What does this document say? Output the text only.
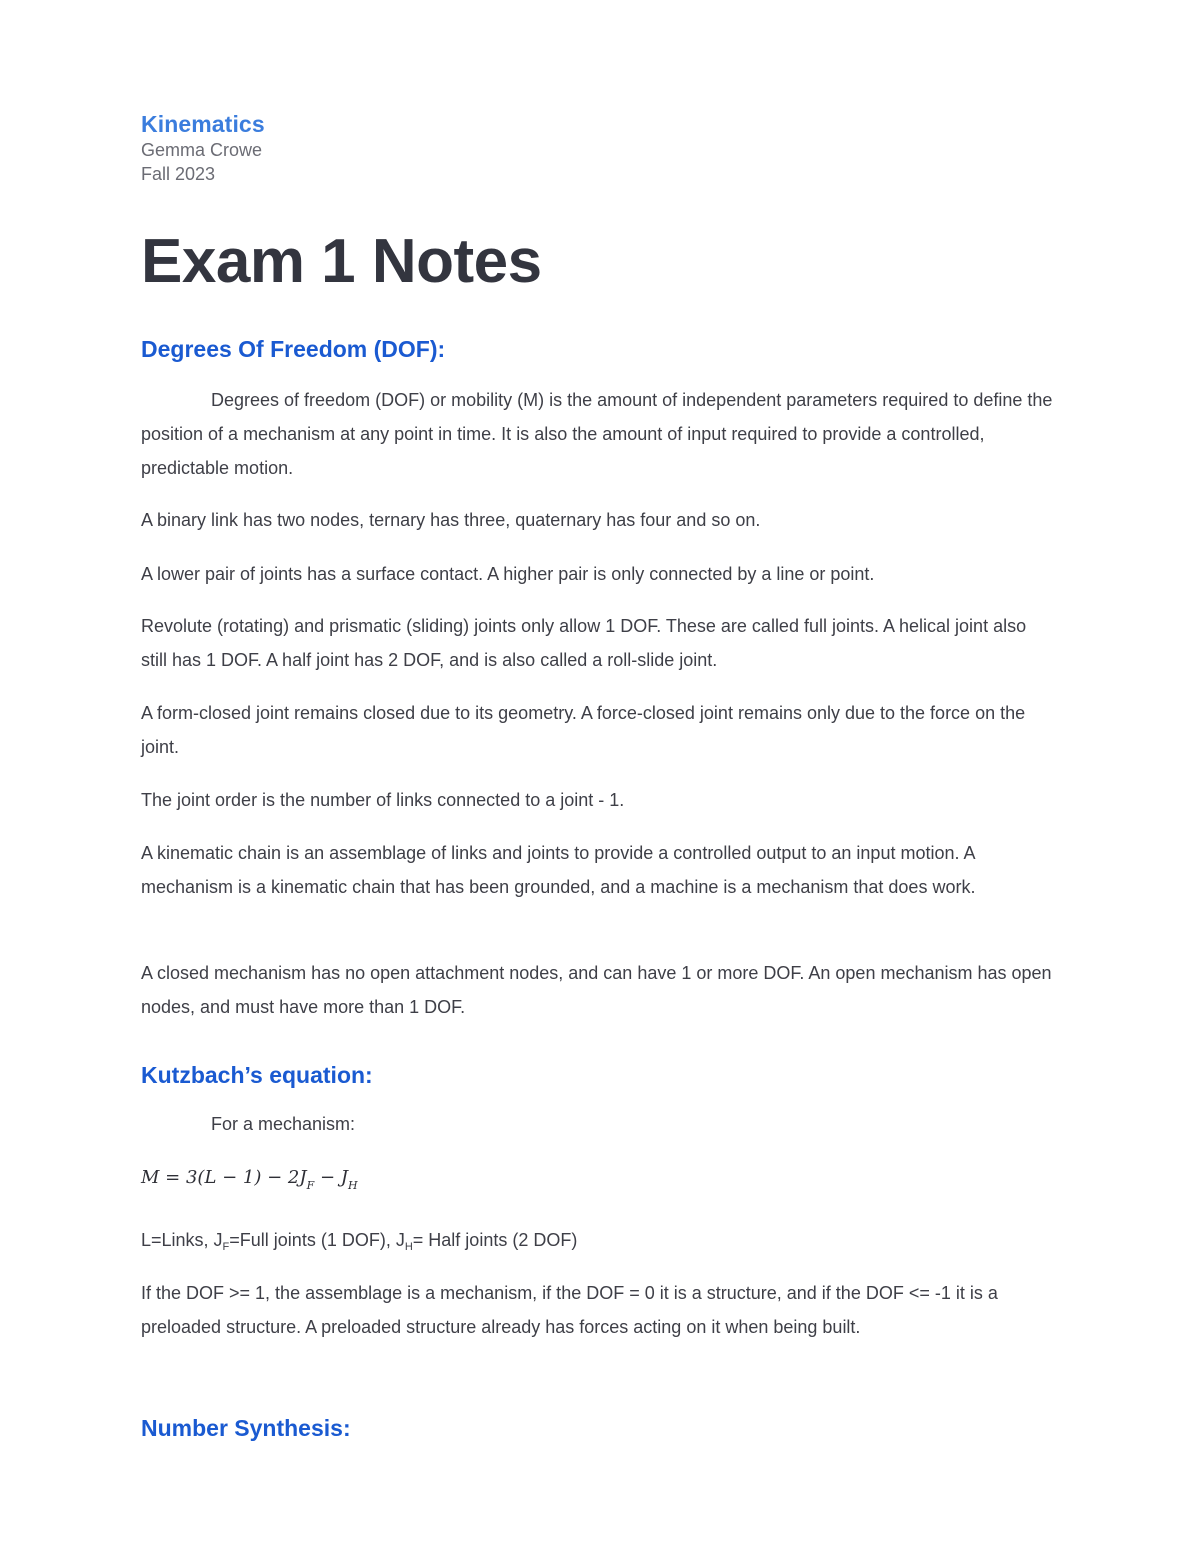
Kinematics
Gemma Crowe
Fall 2023
Exam 1 Notes
Degrees Of Freedom (DOF):
Degrees of freedom (DOF) or mobility (M) is the amount of independent parameters required to define the position of a mechanism at any point in time. It is also the amount of input required to provide a controlled, predictable motion.
A binary link has two nodes, ternary has three, quaternary has four and so on.
A lower pair of joints has a surface contact. A higher pair is only connected by a line or point.
Revolute (rotating) and prismatic (sliding) joints only allow 1 DOF. These are called full joints. A helical joint also still has 1 DOF. A half joint has 2 DOF, and is also called a roll-slide joint.
A form-closed joint remains closed due to its geometry. A force-closed joint remains only due to the force on the joint.
The joint order is the number of links connected to a joint - 1.
A kinematic chain is an assemblage of links and joints to provide a controlled output to an input motion. A mechanism is a kinematic chain that has been grounded, and a machine is a mechanism that does work.
A closed mechanism has no open attachment nodes, and can have 1 or more DOF. An open mechanism has open nodes, and must have more than 1 DOF.
Kutzbach’s equation:
For a mechanism:
$M = 3(L - 1) - 2J_F - J_H$
L=Links, $J_F=Full$ joints (1 DOF), $J_H=$ Half joints (2 DOF)
If the DOF >= 1, the assemblage is a mechanism, if the DOF = 0 it is a structure, and if the DOF <= -1 it is a preloaded structure. A preloaded structure already has forces acting on it when being built.
Number Synthesis:
